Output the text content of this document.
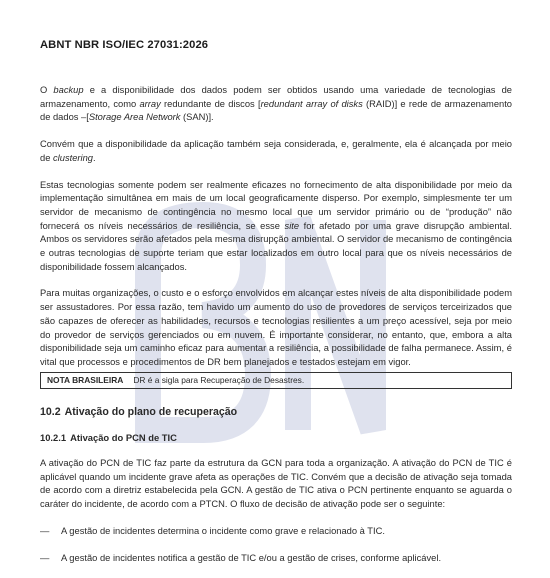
ABNT NBR ISO/IEC 27031:2026

O backup e a disponibilidade dos dados podem ser obtidos usando uma variedade de tecnologias de armazenamento, como array redundante de discos [redundant array of disks (RAID)] e rede de armazenamento de dados –[Storage Area Network (SAN)].

Convém que a disponibilidade da aplicação também seja considerada, e, geralmente, ela é alcançada por meio de clustering.

Estas tecnologias somente podem ser realmente eficazes no fornecimento de alta disponibilidade por meio da implementação simultânea em mais de um local geograficamente disperso. Por exemplo, simplesmente ter um servidor de mecanismo de contingência no mesmo local que um servidor primário ou de “produção” não fornecerá os níveis necessários de resiliência, se esse site for afetado por uma grave disrupção ambiental. Ambos os servidores serão afetados pela mesma disrupção ambiental. O servidor de mecanismo de contingência e outras tecnologias de suporte teriam que estar localizados em outro local para que os níveis necessários de disponibilidade fossem alcançados.

Para muitas organizações, o custo e o esforço envolvidos em alcançar estes níveis de alta disponibilidade podem ser assustadores. Por essa razão, tem havido um aumento do uso de provedores de serviços terceirizados que são capazes de oferecer as habilidades, recursos e tecnologias resilientes a um preço acessível, seja por meio do provedor de serviços gerenciados ou em nuvem. É importante considerar, no entanto, que, embora a alta disponibilidade seja um caminho eficaz para aumentar a resiliência, a possibilidade de falha permanece. Assim, é vital que processos e procedimentos de DR bem planejados e testados estejam em vigor.

NOTA BRASILEIRA DR é a sigla para Recuperação de Desastres.
10.2 Ativação do plano de recuperação
10.2.1 Ativação do PCN de TIC

A ativação do PCN de TIC faz parte da estrutura da GCN para toda a organização. A ativação do PCN de TIC é aplicável quando um incidente grave afeta as operações de TIC. Convém que a decisão de ativação seja tomada de acordo com a diretriz estabelecida pela GCN. A gestão de TIC ativa o PCN pertinente enquanto se aguarda o caráter do incidente, de acordo com a PTCN. O fluxo de decisão de ativação pode ser o seguinte:

—	A gestão de incidentes determina o incidente como grave e relacionado à TIC.
—	A gestão de incidentes notifica a gestão de TIC e/ou a gestão de crises, conforme aplicável.
